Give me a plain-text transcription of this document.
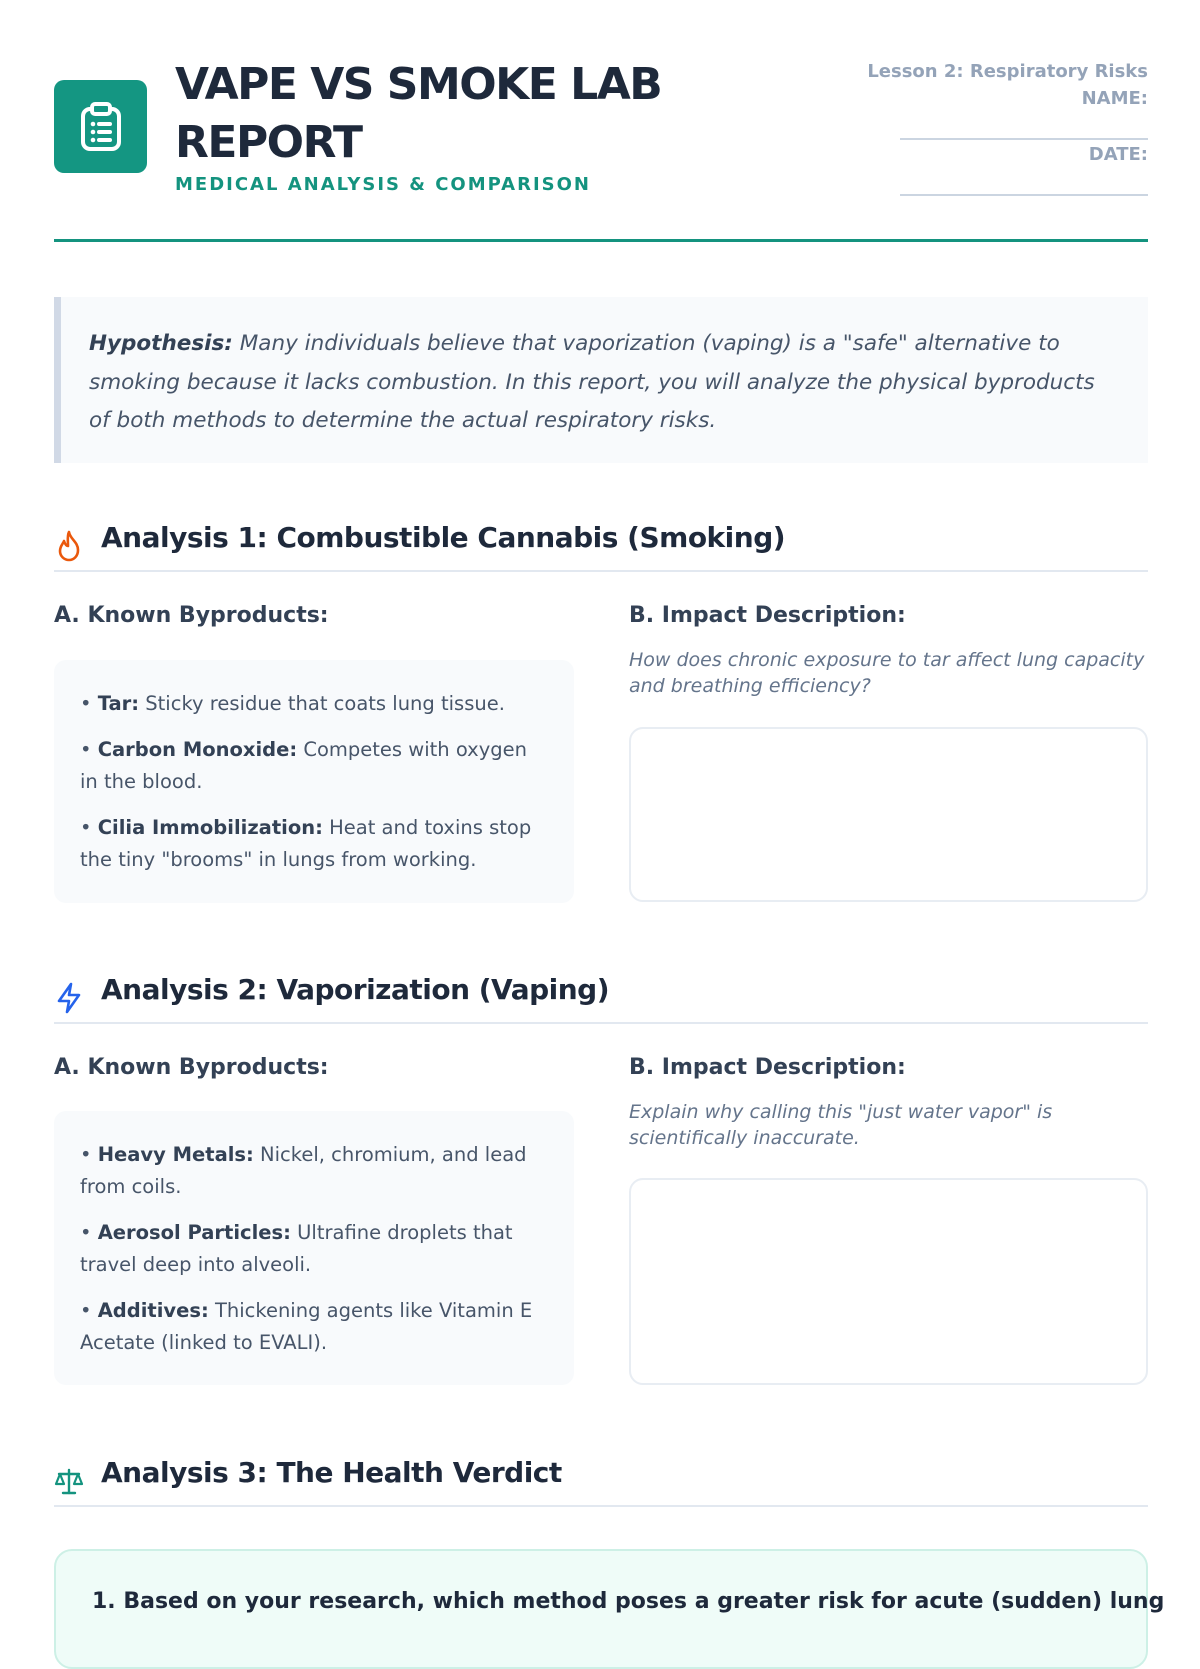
VAPE VS SMOKE LAB REPORT
MEDICAL ANALYSIS & COMPARISON
Lesson 2: Respiratory Risks
NAME:
DATE:
Hypothesis: Many individuals believe that vaporization (vaping) is a "safe" alternative to smoking because it lacks combustion. In this report, you will analyze the physical byproducts of both methods to determine the actual respiratory risks.
Analysis 1: Combustible Cannabis (Smoking)
A. Known Byproducts:	B. Impact Description:
• Tar: Sticky residue that coats lung tissue.
• Carbon Monoxide: Competes with oxygen in the blood.
• Cilia Immobilization: Heat and toxins stop the tiny "brooms" in lungs from working.
How does chronic exposure to tar affect lung capacity and breathing efficiency?
Analysis 2: Vaporization (Vaping)
A. Known Byproducts:	B. Impact Description:
• Heavy Metals: Nickel, chromium, and lead from coils.
• Aerosol Particles: Ultrafine droplets that travel deep into alveoli.
• Additives: Thickening agents like Vitamin E Acetate (linked to EVALI).
Explain why calling this "just water vapor" is scientifically inaccurate.
Analysis 3: The Health Verdict
1. Based on your research, which method poses a greater risk for acute (sudden) lung
